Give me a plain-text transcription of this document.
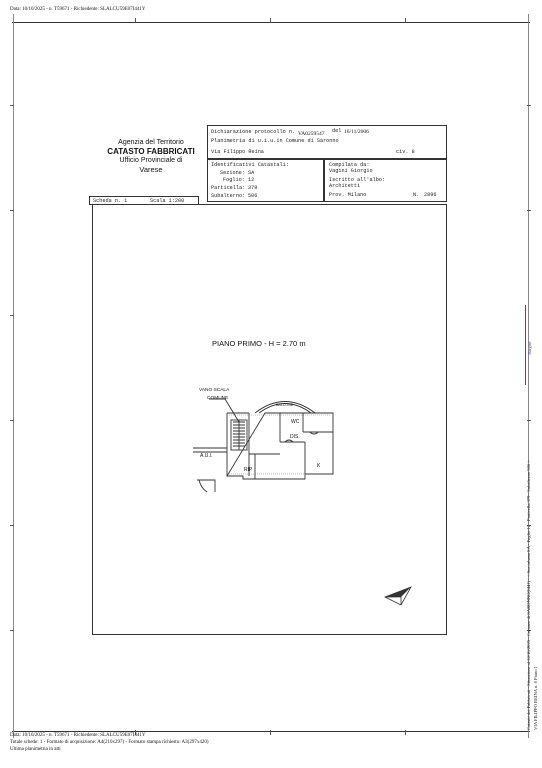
Data: 10/10/2025 - n. T59671 - Richiedente: SLALCU59E07I441Y
Agenzia del Territorio
CATASTO FABBRICATI
Ufficio Provinciale di
Varese
Dichiarazione protocollo n. VA0259547 del 16/11/2006
Planimetria di u.i.u.in Comune di Saronno
Via Filippo Reina	civ. 8
Identificativi Catastali:
Sezione: SA
Foglio: 12
Particella: 379
Subalterno: 506
Compilata da:
Vagini Giorgio
Iscritto all'albo:
Architetti
Prov. Milano	N. 2896
Scheda n. 1	Scala 1:200
PIANO PRIMO - H = 2.70 m
VANO SCALA
COMUNE
BALCONE
WC
DIS.
A.U.I.
RIP
K
Margine
Catasto dei Fabbricati - Situazione al 10/10/2025 - Comune di SARONNO(I441) - < Sez.urbana SA - Foglio 12 - Particella 379 - Subalterno 506 > VIA FILIPPO REINA n. 8 Piano 1
Data: 10/10/2025 - n. T59671 - Richiedente: SLALCU59E07I441Y
Totale schede: 1 - Formato di acquisizione: A4(210x297) - Formato stampa richiesto: A3(297x420)
Ultima planimetria in atti
